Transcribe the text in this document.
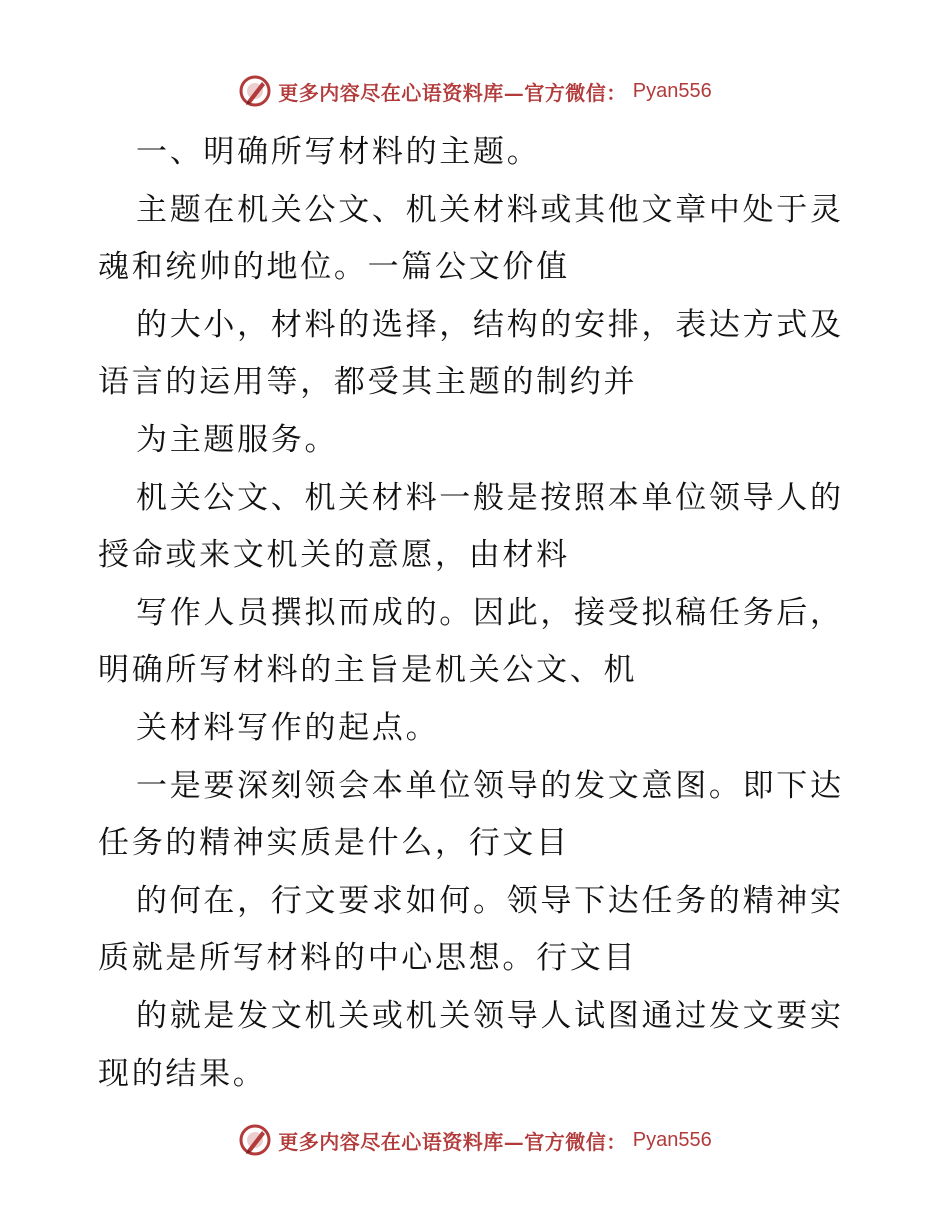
更多内容尽在心语资料库—官方微信： Pyan556
一、明确所写材料的主题。
主题在机关公文、机关材料或其他文章中处于灵
魂和统帅的地位。一篇公文价值
的大小，材料的选择，结构的安排，表达方式及
语言的运用等，都受其主题的制约并
为主题服务。
机关公文、机关材料一般是按照本单位领导人的
授命或来文机关的意愿，由材料
写作人员撰拟而成的。因此，接受拟稿任务后，
明确所写材料的主旨是机关公文、机
关材料写作的起点。
一是要深刻领会本单位领导的发文意图。即下达
任务的精神实质是什么，行文目
的何在，行文要求如何。领导下达任务的精神实
质就是所写材料的中心思想。行文目
的就是发文机关或机关领导人试图通过发文要实
现的结果。
更多内容尽在心语资料库—官方微信： Pyan556
